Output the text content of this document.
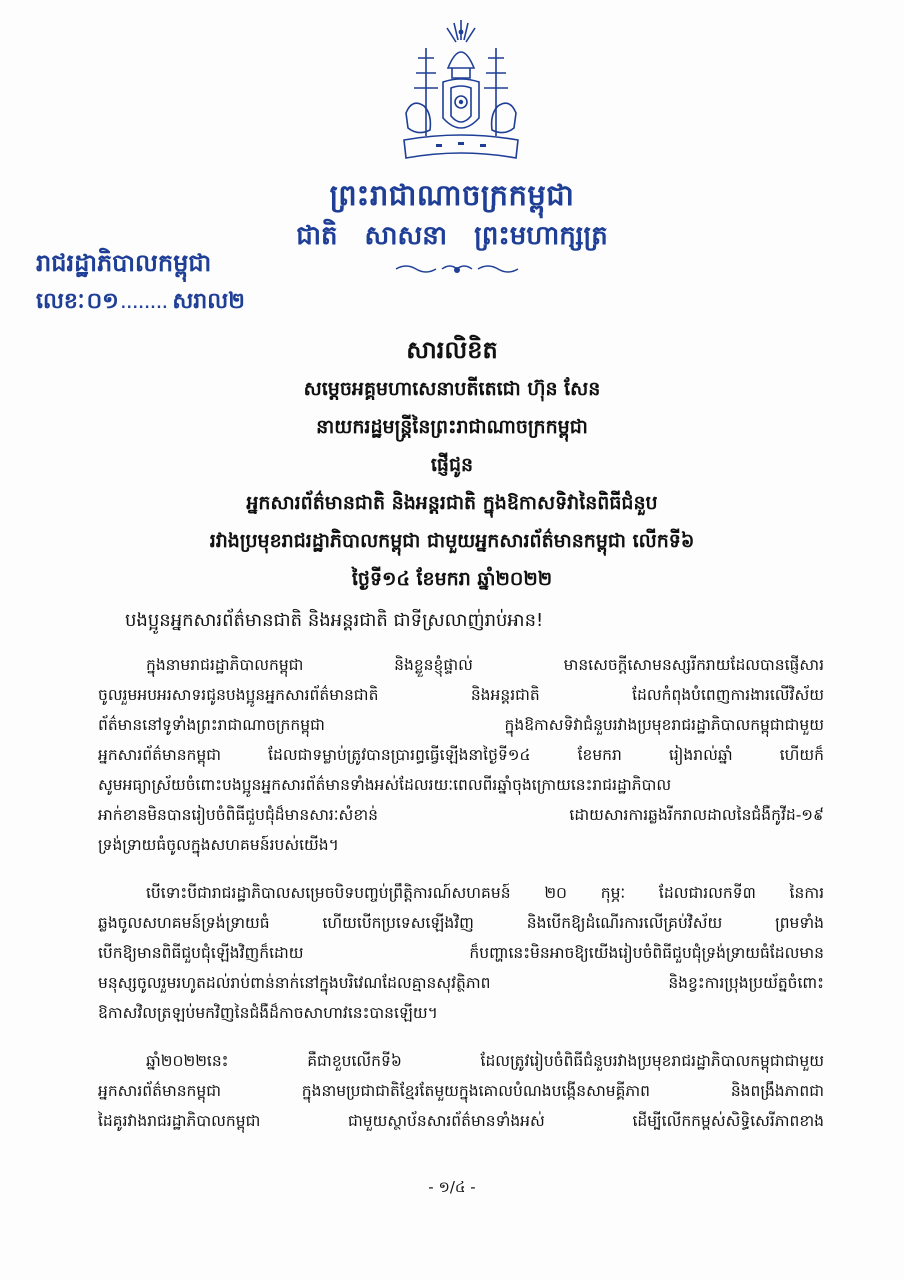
ព្រះរាជាណាចក្រកម្ពុជា
ជាតិ សាសនា ព្រះមហាក្សត្រ
រាជរដ្ឋាភិបាលកម្ពុជា
លេខៈ ០១ ........ សរាល២
សារលិខិត
សម្តេចអគ្គមហាសេនាបតីតេជោ ហ៊ុន សែន
នាយករដ្ឋមន្ត្រីនៃព្រះរាជាណាចក្រកម្ពុជា
ផ្ញើជូន
អ្នកសារព័ត៌មានជាតិ និងអន្តរជាតិ ក្នុងឱកាសទិវានៃពិធីជំនួប
រវាងប្រមុខរាជរដ្ឋាភិបាលកម្ពុជា ជាមួយអ្នកសារព័ត៌មានកម្ពុជា លើកទី៦
ថ្ងៃទី១៤ ខែមករា ឆ្នាំ២០២២
បងប្អូនអ្នកសារព័ត៌មានជាតិ និងអន្តរជាតិ ជាទីស្រលាញ់រាប់អាន!
ក្នុងនាមរាជរដ្ឋាភិបាលកម្ពុជា និងខ្លួនខ្ញុំផ្ទាល់ មានសេចក្តីសោមនស្សរីករាយដែលបានផ្ញើសារ
ចូលរួមអបអរសាទរជូនបងប្អូនអ្នកសារព័ត៌មានជាតិ និងអន្តរជាតិ ដែលកំពុងបំពេញការងារលើវិស័យ
ព័ត៌មាននៅទូទាំងព្រះរាជាណាចក្រកម្ពុជា ក្នុងឱកាសទិវាជំនួបរវាងប្រមុខរាជរដ្ឋាភិបាលកម្ពុជាជាមួយ
អ្នកសារព័ត៌មានកម្ពុជា ដែលជាទម្លាប់ត្រូវបានប្រារព្ធធ្វើឡើងនាថ្ងៃទី១៤ ខែមករា រៀងរាល់ឆ្នាំ ហើយក៏
សូមអធ្យាស្រ័យចំពោះបងប្អូនអ្នកសារព័ត៌មានទាំងអស់ដែលរយៈពេលពីរឆ្នាំចុងក្រោយនេះរាជរដ្ឋាភិបាល
អាក់ខានមិនបានរៀបចំពិធីជួបជុំដ៏មានសារៈសំខាន់ ដោយសារការឆ្លងរីករាលដាលនៃជំងឺកូវីដ-១៩
ទ្រង់ទ្រាយធំចូលក្នុងសហគមន៍របស់យើង។
បើទោះបីជារាជរដ្ឋាភិបាលសម្រេចបិទបញ្ចប់ព្រឹត្តិការណ៍សហគមន៍ ២០ កុម្ភៈ ដែលជារលកទី៣ នៃការ
ឆ្លងចូលសហគមន៍ទ្រង់ទ្រាយធំ ហើយបើកប្រទេសឡើងវិញ និងបើកឱ្យដំណើរការលើគ្រប់វិស័យ ព្រមទាំង
បើកឱ្យមានពិធីជួបជុំឡើងវិញក៏ដោយ ក៏បញ្ហានេះមិនអាចឱ្យយើងរៀបចំពិធីជួបជុំទ្រង់ទ្រាយធំដែលមាន
មនុស្សចូលរួមរហូតដល់រាប់ពាន់នាក់នៅក្នុងបរិវេណដែលគ្មានសុវត្ថិភាព និងខ្វះការប្រុងប្រយ័ត្នចំពោះ
ឱកាសវិលត្រឡប់មកវិញនៃជំងឺដ៏កាចសាហាវនេះបានឡើយ។
ឆ្នាំ២០២២នេះ គឺជាខួបលើកទី៦ ដែលត្រូវរៀបចំពិធីជំនួបរវាងប្រមុខរាជរដ្ឋាភិបាលកម្ពុជាជាមួយ
អ្នកសារព័ត៌មានកម្ពុជា ក្នុងនាមប្រជាជាតិខ្មែរតែមួយក្នុងគោលបំណងបង្កើនសាមគ្គីភាព និងពង្រឹងភាពជា
ដៃគូរវាងរាជរដ្ឋាភិបាលកម្ពុជា ជាមួយស្ថាប័នសារព័ត៌មានទាំងអស់ ដើម្បីលើកកម្ពស់សិទ្ធិសេរីភាពខាង
- ១/៤ -
